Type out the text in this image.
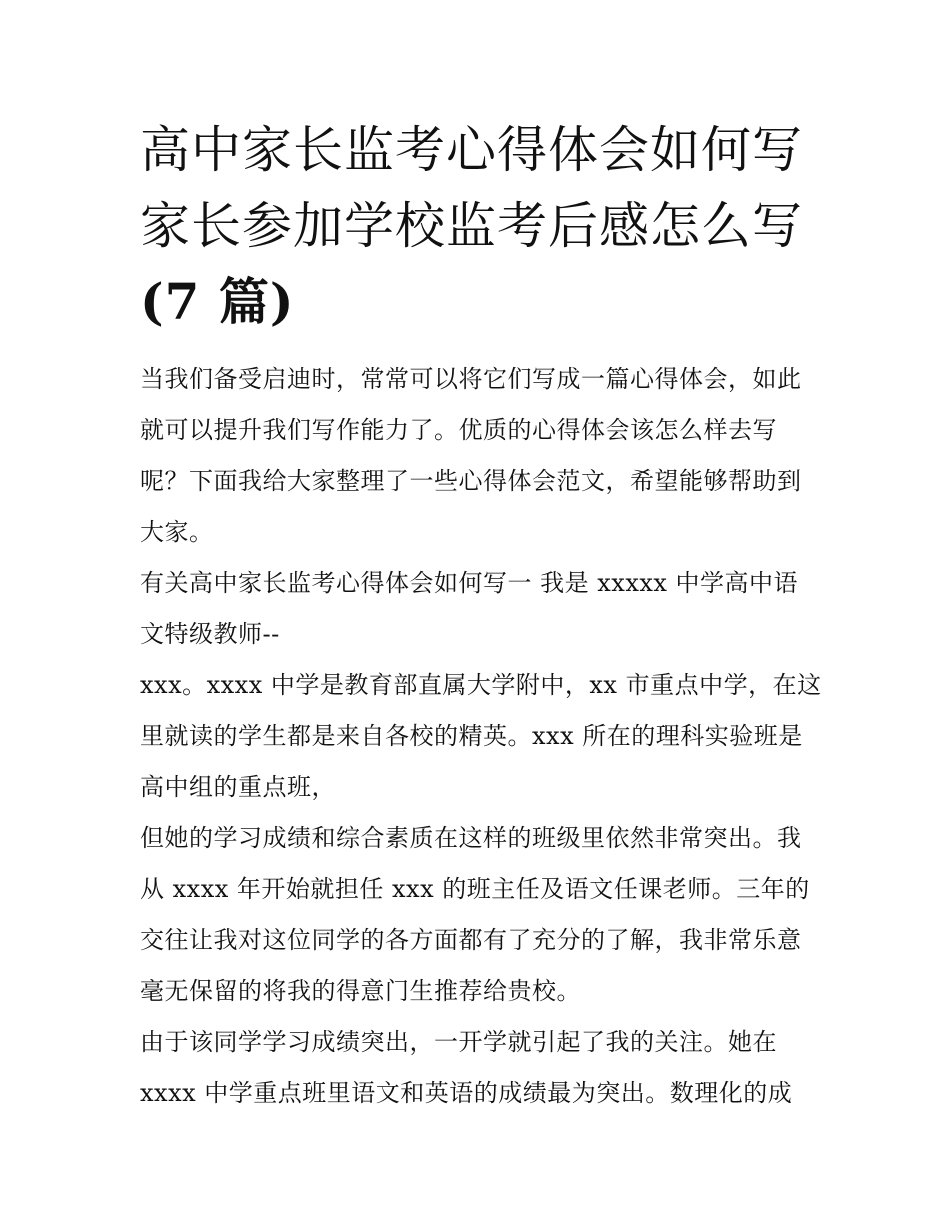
高中家长监考心得体会如何写
家长参加学校监考后感怎么写
(7 篇)
当我们备受启迪时，常常可以将它们写成一篇心得体会，如此
就可以提升我们写作能力了。优质的心得体会该怎么样去写
呢？下面我给大家整理了一些心得体会范文，希望能够帮助到
大家。
有关高中家长监考心得体会如何写一 我是 xxxxx 中学高中语
文特级教师--
xxx。xxxx 中学是教育部直属大学附中，xx 市重点中学，在这
里就读的学生都是来自各校的精英。xxx 所在的理科实验班是
高中组的重点班，
但她的学习成绩和综合素质在这样的班级里依然非常突出。我
从 xxxx 年开始就担任 xxx 的班主任及语文任课老师。三年的
交往让我对这位同学的各方面都有了充分的了解，我非常乐意
毫无保留的将我的得意门生推荐给贵校。
由于该同学学习成绩突出，一开学就引起了我的关注。她在
xxxx 中学重点班里语文和英语的成绩最为突出。数理化的成
